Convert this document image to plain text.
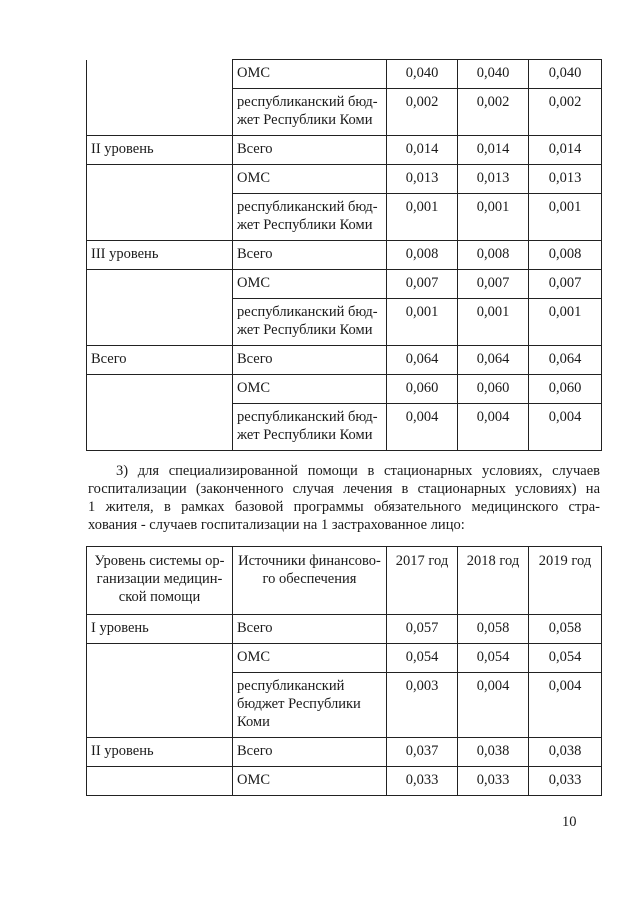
	ОМС	0,040	0,040	0,040
	республиканский бюд-жет Республики Коми	0,002	0,002	0,002
II уровень	Всего	0,014	0,014	0,014
	ОМС	0,013	0,013	0,013
	республиканский бюд-жет Республики Коми	0,001	0,001	0,001
III уровень	Всего	0,008	0,008	0,008
	ОМС	0,007	0,007	0,007
	республиканский бюд-жет Республики Коми	0,001	0,001	0,001
Всего	Всего	0,064	0,064	0,064
	ОМС	0,060	0,060	0,060
	республиканский бюд-жет Республики Коми	0,004	0,004	0,004

3) для специализированной помощи в стационарных условиях, случаев
госпитализации (законченного случая лечения в стационарных условиях) на
1 жителя, в рамках базовой программы обязательного медицинского стра-
хования - случаев госпитализации на 1 застрахованное лицо:

Уровень системы ор-ганизации медицин-ской помощи	Источники финансово-го обеспечения	2017 год	2018 год	2019 год
I уровень	Всего	0,057	0,058	0,058
	ОМС	0,054	0,054	0,054
	республиканский бюджет Республики Коми	0,003	0,004	0,004
II уровень	Всего	0,037	0,038	0,038
	ОМС	0,033	0,033	0,033
10
